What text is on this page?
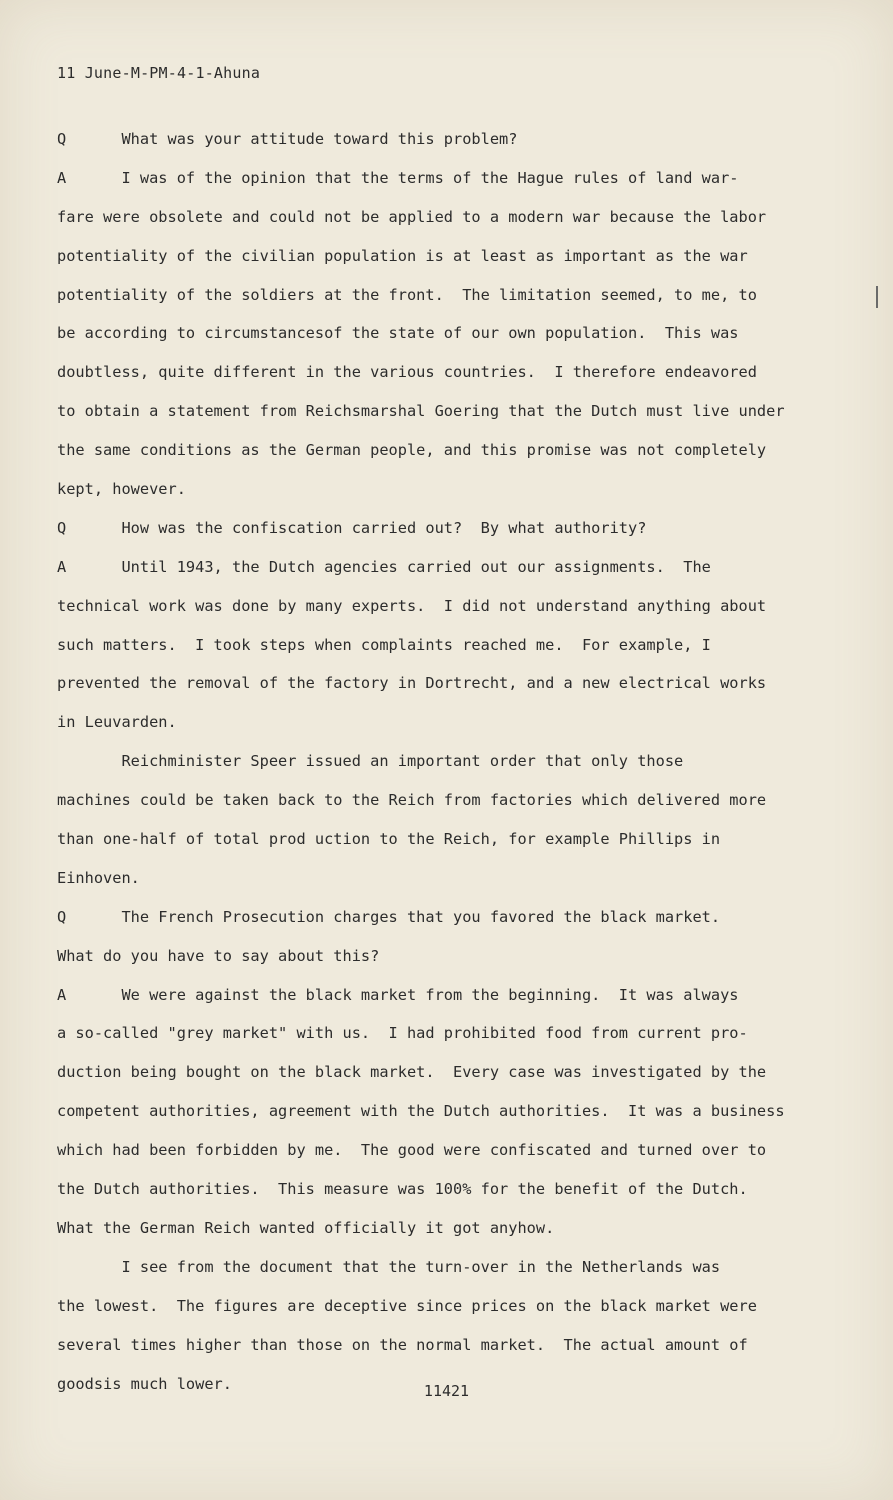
11 June-M-PM-4-1-Ahuna
Q      What was your attitude toward this problem?
A      I was of the opinion that the terms of the Hague rules of land war-
fare were obsolete and could not be applied to a modern war because the labor
potentiality of the civilian population is at least as important as the war
potentiality of the soldiers at the front.  The limitation seemed, to me, to
be according to circumstancesof the state of our own population.  This was
doubtless, quite different in the various countries.  I therefore endeavored
to obtain a statement from Reichsmarshal Goering that the Dutch must live under
the same conditions as the German people, and this promise was not completely
kept, however.
Q      How was the confiscation carried out?  By what authority?
A      Until 1943, the Dutch agencies carried out our assignments.  The
technical work was done by many experts.  I did not understand anything about
such matters.  I took steps when complaints reached me.  For example, I
prevented the removal of the factory in Dortrecht, and a new electrical works
in Leuvarden.
Reichminister Speer issued an important order that only those
machines could be taken back to the Reich from factories which delivered more
than one-half of total prod uction to the Reich, for example Phillips in
Einhoven.
Q      The French Prosecution charges that you favored the black market.
What do you have to say about this?
A      We were against the black market from the beginning.  It was always
a so-called "grey market" with us.  I had prohibited food from current pro-
duction being bought on the black market.  Every case was investigated by the
competent authorities, agreement with the Dutch authorities.  It was a business
which had been forbidden by me.  The good were confiscated and turned over to
the Dutch authorities.  This measure was 100% for the benefit of the Dutch.
What the German Reich wanted officially it got anyhow.
I see from the document that the turn-over in the Netherlands was
the lowest.  The figures are deceptive since prices on the black market were
several times higher than those on the normal market.  The actual amount of
goodsis much lower.	11421
